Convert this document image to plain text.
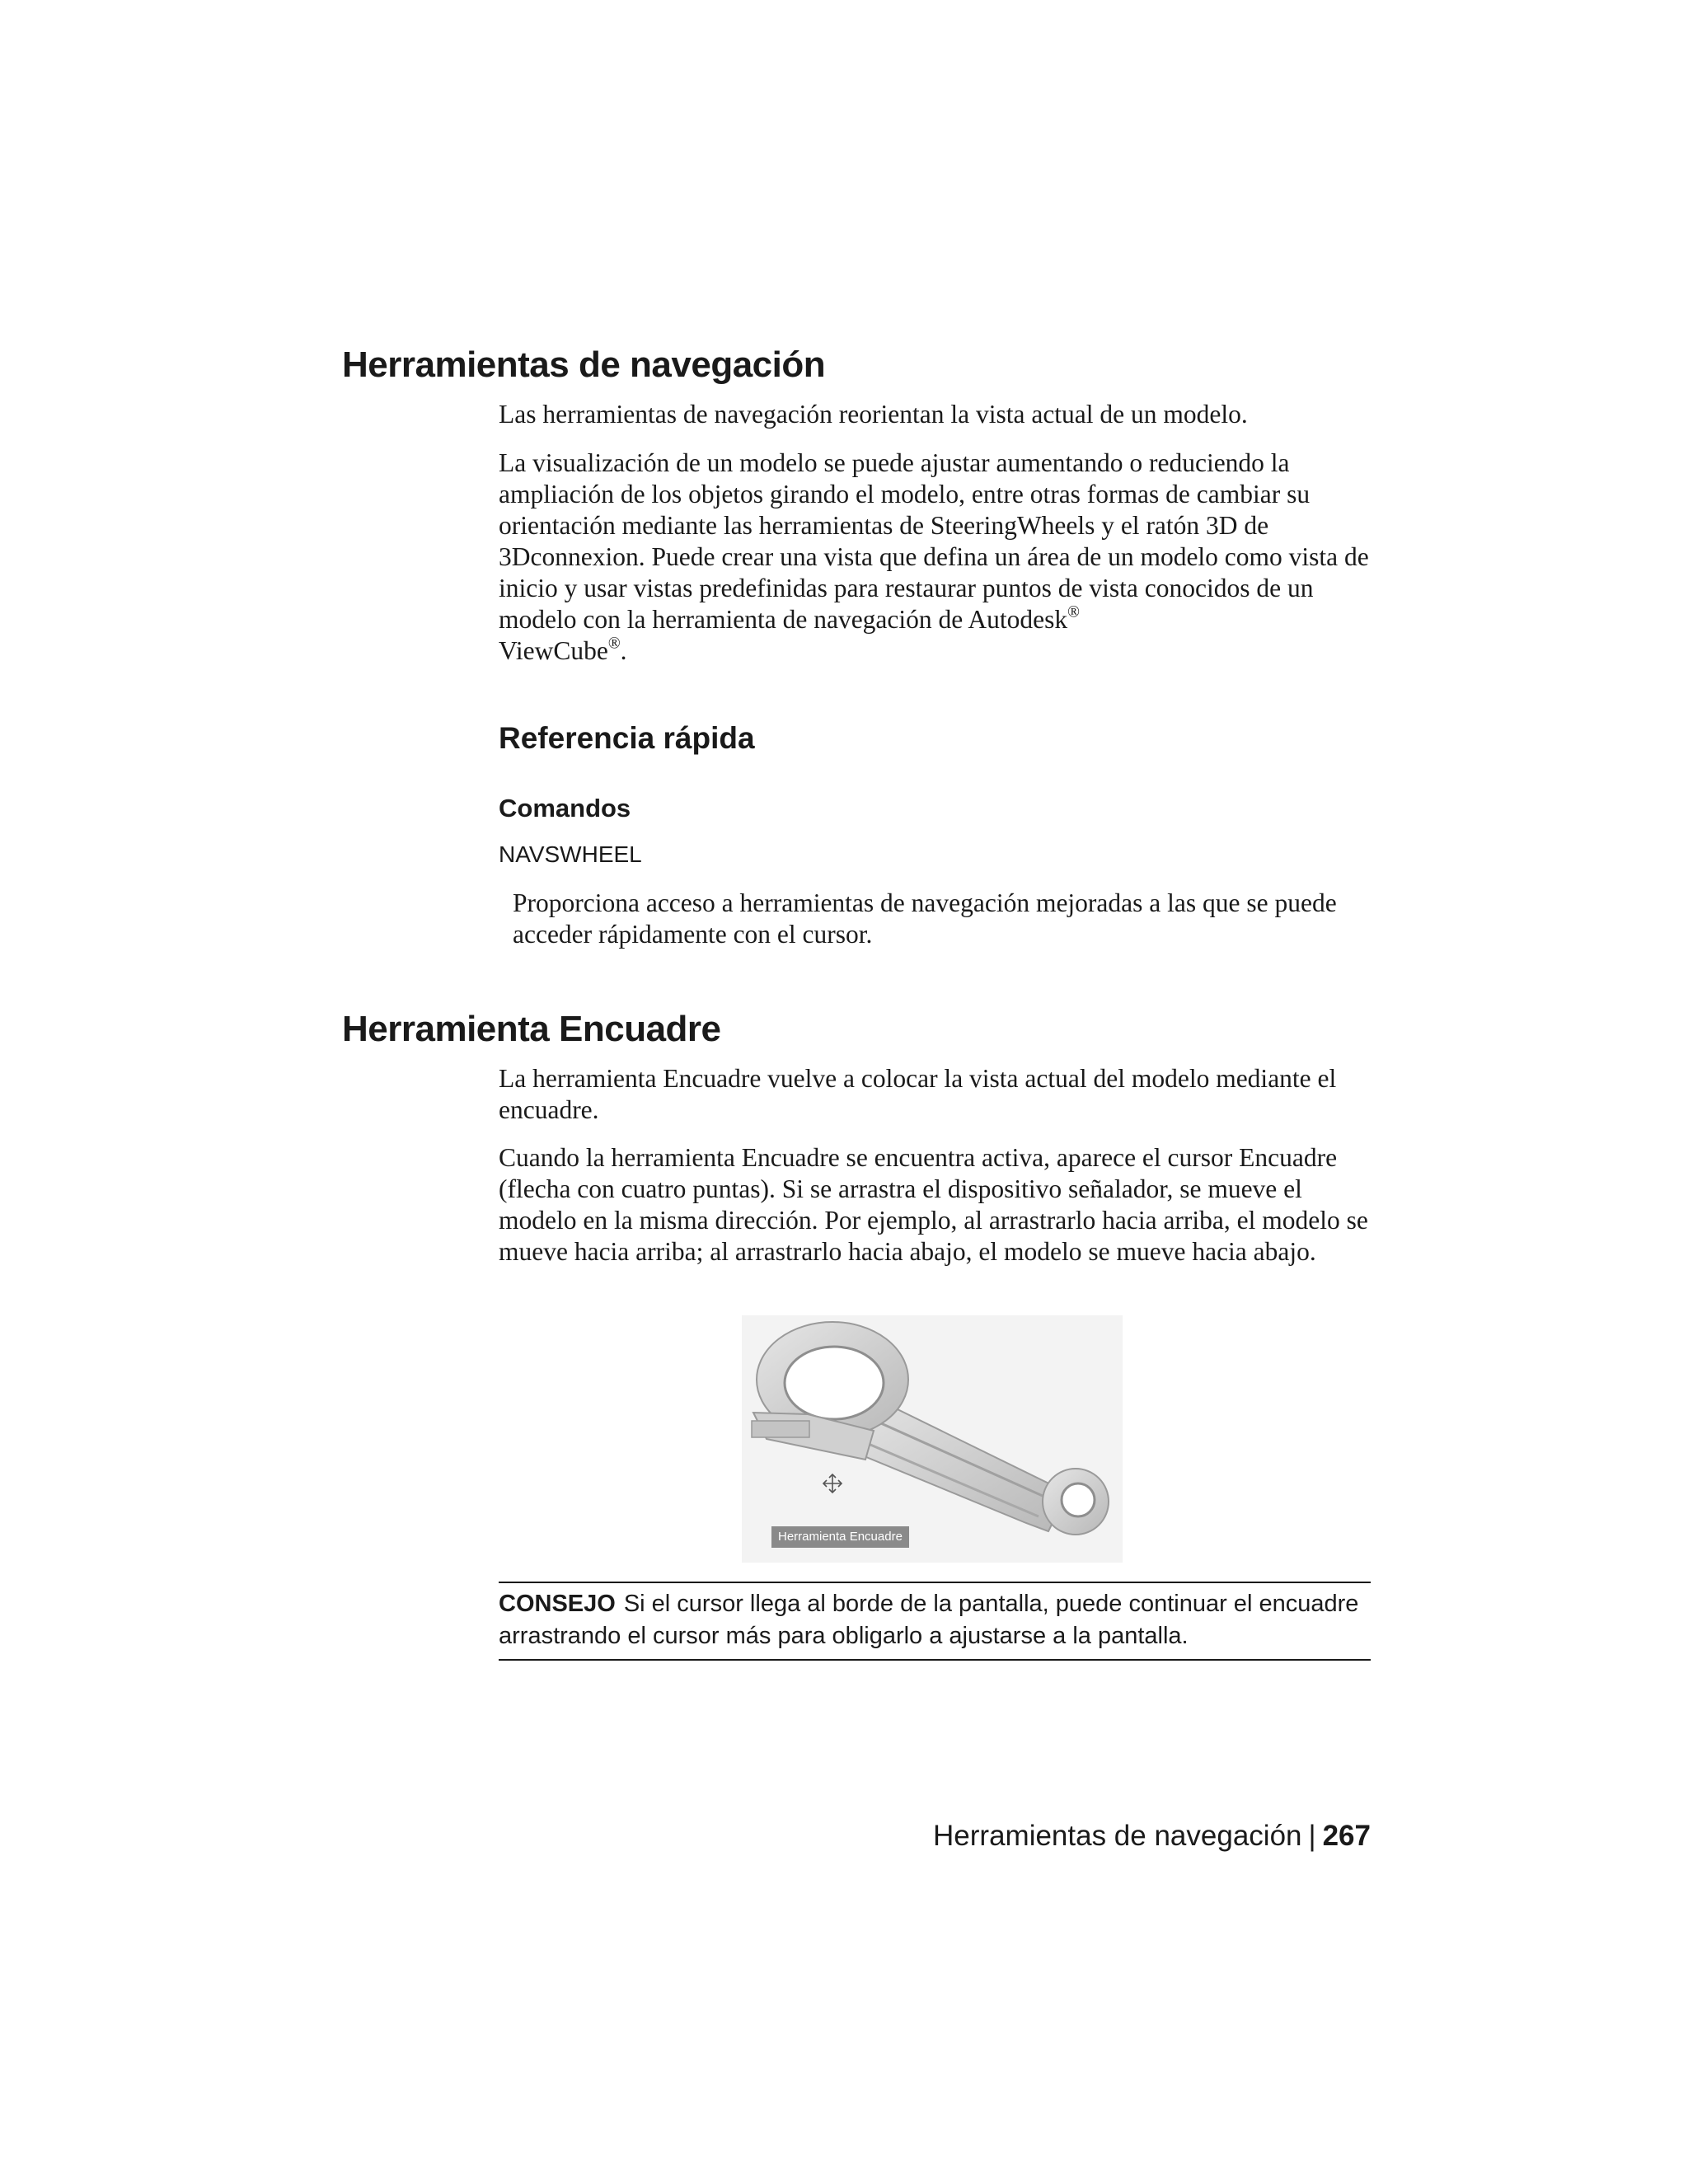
Herramientas de navegación

Las herramientas de navegación reorientan la vista actual de un modelo.

La visualización de un modelo se puede ajustar aumentando o reduciendo la ampliación de los objetos girando el modelo, entre otras formas de cambiar su orientación mediante las herramientas de SteeringWheels y el ratón 3D de 3Dconnexion. Puede crear una vista que defina un área de un modelo como vista de inicio y usar vistas predefinidas para restaurar puntos de vista conocidos de un modelo con la herramienta de navegación de Autodesk®
ViewCube®.

Referencia rápida
Comandos
NAVSWHEEL

Proporciona acceso a herramientas de navegación mejoradas a las que se puede acceder rápidamente con el cursor.

Herramienta Encuadre

La herramienta Encuadre vuelve a colocar la vista actual del modelo mediante el encuadre.

Cuando la herramienta Encuadre se encuentra activa, aparece el cursor Encuadre (flecha con cuatro puntas). Si se arrastra el dispositivo señalador, se mueve el modelo en la misma dirección. Por ejemplo, al arrastrarlo hacia arriba, el modelo se mueve hacia arriba; al arrastrarlo hacia abajo, el modelo se mueve hacia abajo.

Herramienta Encuadre

CONSEJO Si el cursor llega al borde de la pantalla, puede continuar el encuadre arrastrando el cursor más para obligarlo a ajustarse a la pantalla.

Herramientas de navegación | 267
